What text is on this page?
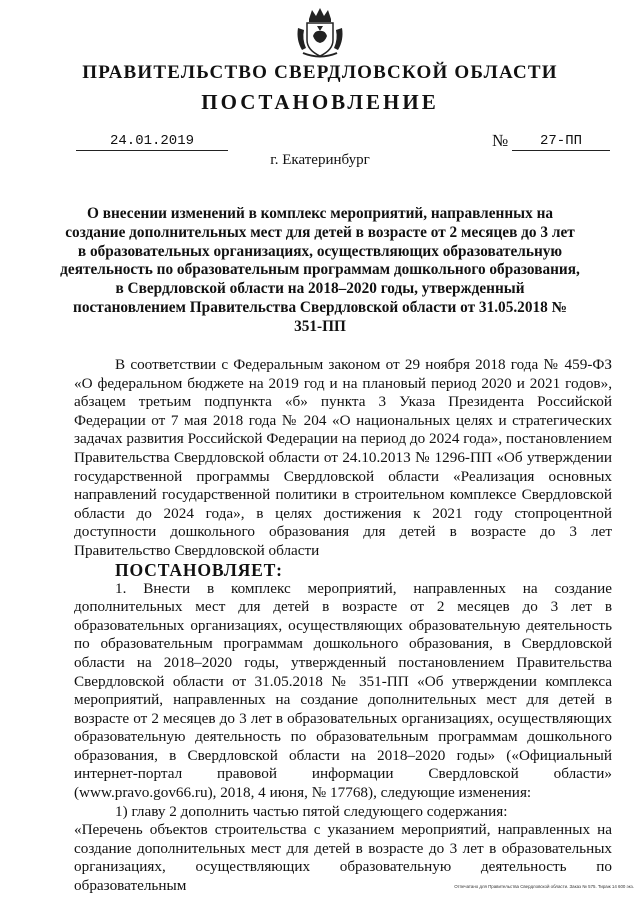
ПРАВИТЕЛЬСТВО СВЕРДЛОВСКОЙ ОБЛАСТИ
ПОСТАНОВЛЕНИЕ
24.01.2019	№	27-ПП
г. Екатеринбург
О внесении изменений в комплекс мероприятий, направленных на создание дополнительных мест для детей в возрасте от 2 месяцев до 3 лет в образовательных организациях, осуществляющих образовательную деятельность по образовательным программам дошкольного образования, в Свердловской области на 2018–2020 годы, утвержденный постановлением Правительства Свердловской области от 31.05.2018 № 351-ПП

В соответствии с Федеральным законом от 29 ноября 2018 года № 459-ФЗ «О федеральном бюджете на 2019 год и на плановый период 2020 и 2021 годов», абзацем третьим подпункта «б» пункта 3 Указа Президента Российской Федерации от 7 мая 2018 года № 204 «О национальных целях и стратегических задачах развития Российской Федерации на период до 2024 года», постановлением Правительства Свердловской области от 24.10.2013 № 1296-ПП «Об утверждении государственной программы Свердловской области «Реализация основных направлений государственной политики в строительном комплексе Свердловской области до 2024 года», в целях достижения к 2021 году стопроцентной доступности дошкольного образования для детей в возрасте до 3 лет Правительство Свердловской области

ПОСТАНОВЛЯЕТ:

1. Внести в комплекс мероприятий, направленных на создание дополнительных мест для детей в возрасте от 2 месяцев до 3 лет в образовательных организациях, осуществляющих образовательную деятельность по образовательным программам дошкольного образования, в Свердловской области на 2018–2020 годы, утвержденный постановлением Правительства Свердловской области от 31.05.2018 № 351-ПП «Об утверждении комплекса мероприятий, направленных на создание дополнительных мест для детей в возрасте от 2 месяцев до 3 лет в образовательных организациях, осуществляющих образовательную деятельность по образовательным программам дошкольного образования, в Свердловской области на 2018–2020 годы» («Официальный интернет-портал правовой информации Свердловской области» (www.pravo.gov66.ru), 2018, 4 июня, № 17768), следующие изменения:

1) главу 2 дополнить частью пятой следующего содержания:

«Перечень объектов строительства с указанием мероприятий, направленных на создание дополнительных мест для детей в возрасте до 3 лет в образовательных организациях, осуществляющих образовательную деятельность по образовательным	Отпечатано для Правительства Свердловской области. Заказ № 575. Тираж 14 600 экз.
